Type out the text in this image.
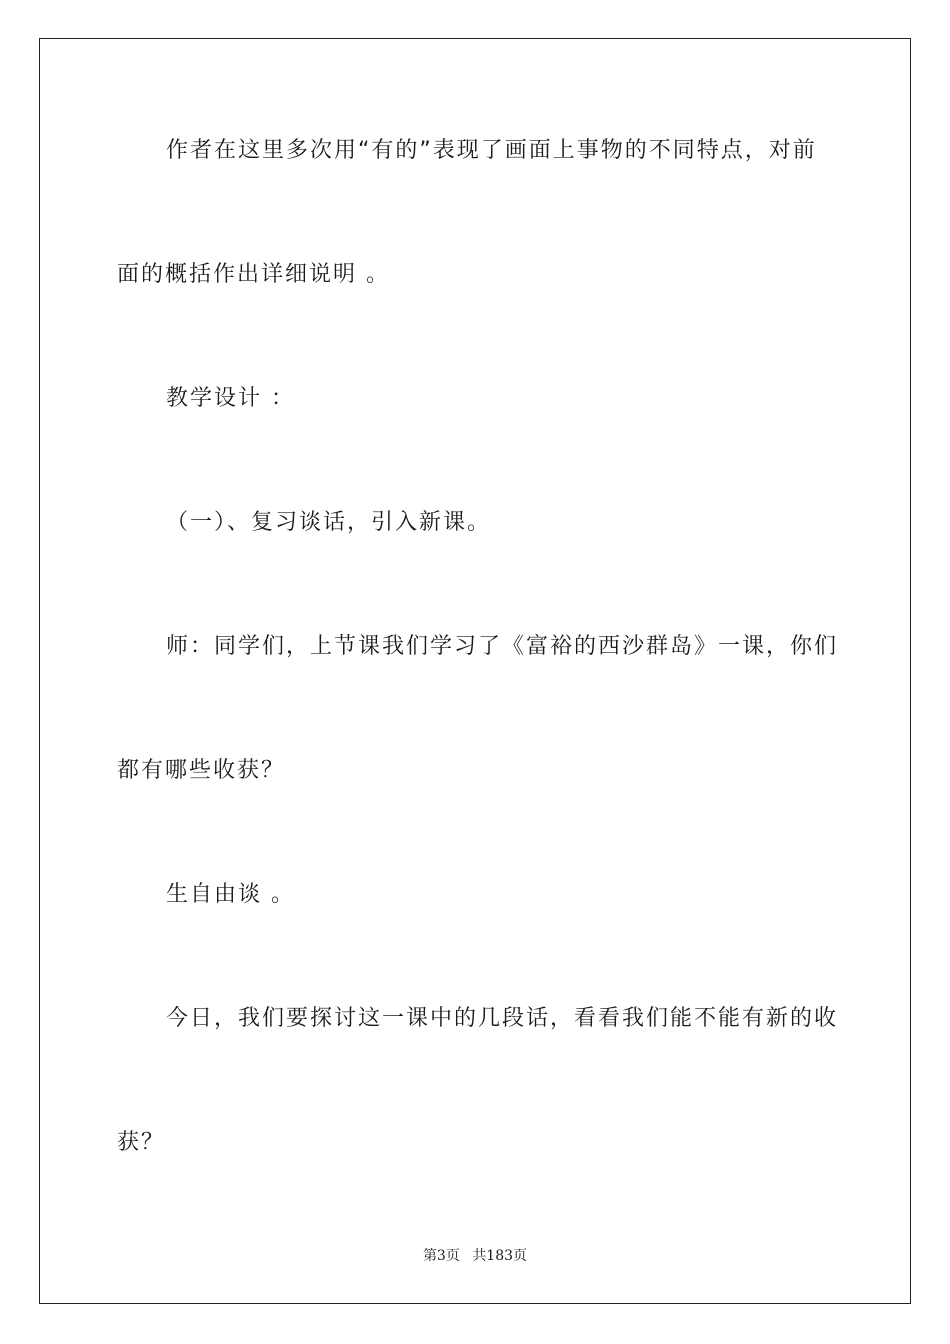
作者在这里多次用“有的”表现了画面上事物的不同特点，对前
面的概括作出详细说明 。
教学设计 ：
（一）、复习谈话，引入新课。
师：同学们，上节课我们学习了《富裕的西沙群岛》一课，你们
都有哪些收获？
生自由谈 。
今日，我们要探讨这一课中的几段话，看看我们能不能有新的收
获？
第3页 共183页
